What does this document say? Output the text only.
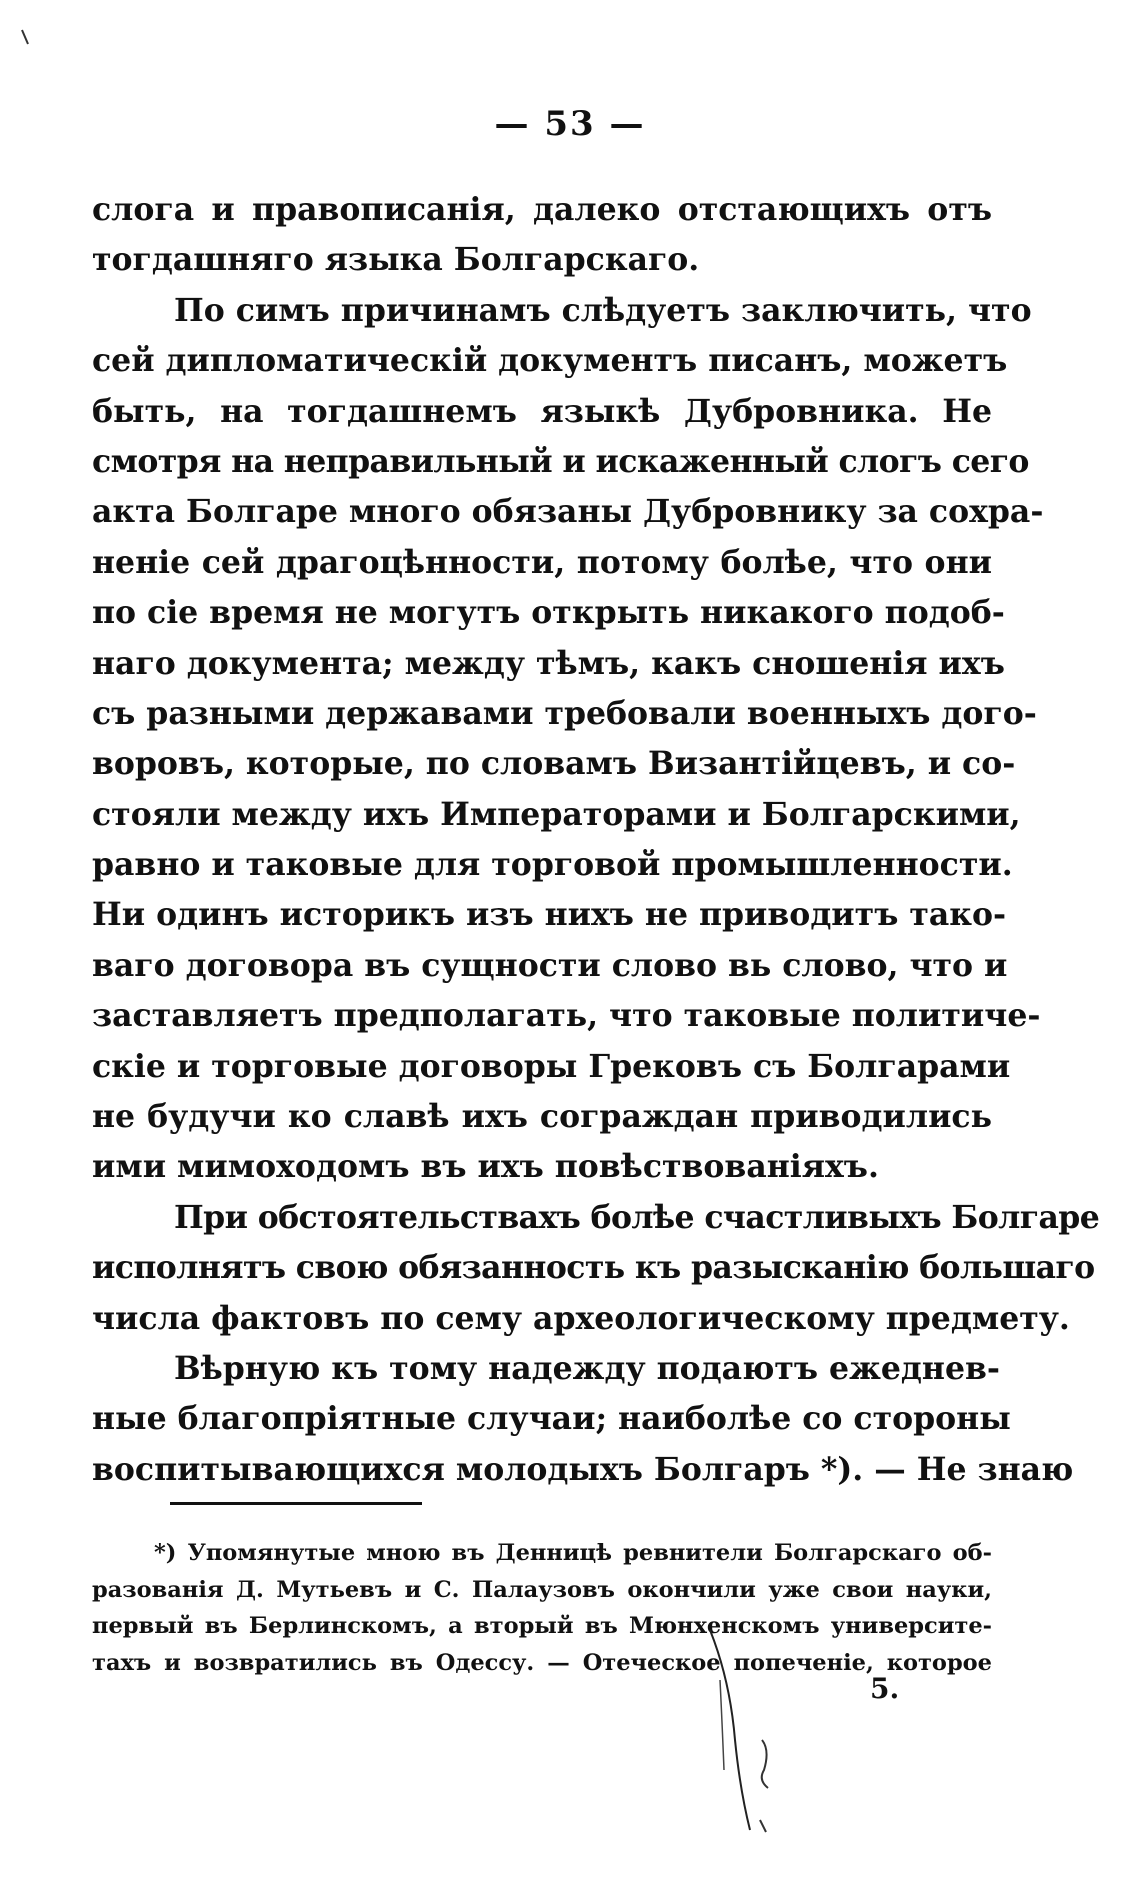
— 53 —
слога и правописанія, далеко отстающихъ отъ
тогдашняго языка Болгарскаго.
По симъ причинамъ слѣдуетъ заключить, что
сей дипломатическій документъ писанъ, можетъ
быть, на тогдашнемъ языкѣ Дубровника. Не
смотря на неправильный и искаженный слогъ сего
акта Болгаре много обязаны Дубровнику за сохра-
неніе сей драгоцѣнности, потому болѣе, что они
по сіе время не могутъ открыть никакого подоб-
наго документа; между тѣмъ, какъ сношенія ихъ
съ разными державами требовали военныхъ дого-
воровъ, которые, по словамъ Византійцевъ, и со-
стояли между ихъ Императорами и Болгарскими,
равно и таковые для торговой промышленности.
Ни одинъ историкъ изъ нихъ не приводитъ тако-
ваго договора въ сущности слово вь слово, что и
заставляетъ предполагать, что таковые политиче-
скіе и торговые договоры Грековъ съ Болгарами
не будучи ко славѣ ихъ сограждан приводились
ими мимоходомъ въ ихъ повѣствованіяхъ.
При обстоятельствахъ болѣе счастливыхъ Болгаре
исполнятъ свою обязанность къ разысканію большаго
числа фактовъ по сему археологическому предмету.
Вѣрную къ тому надежду подаютъ ежеднев-
ные благопріятные случаи; наиболѣе со стороны
воспитывающихся молодыхъ Болгаръ *). — Не знаю
*) Упомянутые мною въ Денницѣ ревнители Болгарскаго об-
разованія Д. Мутьевъ и С. Палаузовъ окончили уже свои науки,
первый въ Берлинскомъ, а вторый въ Мюнхенскомъ университе-
тахъ и возвратились въ Одессу. — Отеческое попеченіе, которое
5.
